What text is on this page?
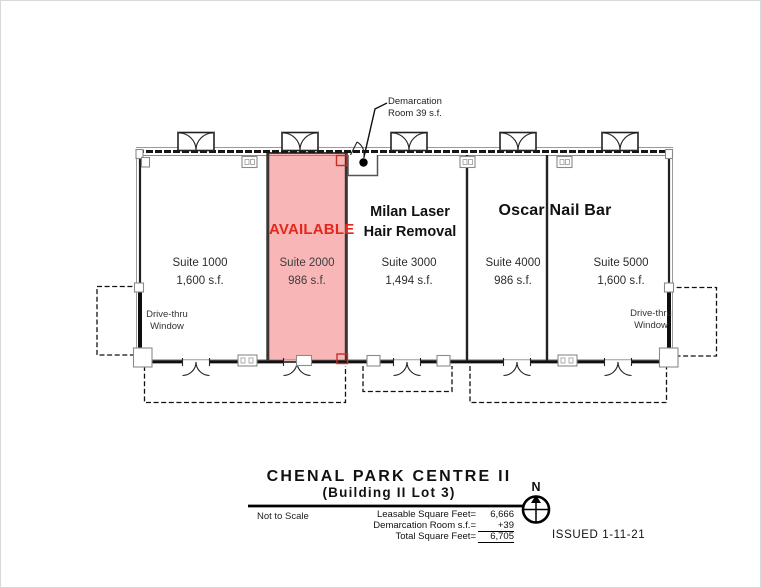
Demarcation
Room 39 s.f.
Milan Laser
Hair Removal
Oscar Nail Bar
AVAILABLE
Suite 1000
1,600 s.f.
Suite 2000
986 s.f.
Suite 3000
1,494 s.f.
Suite 4000
986 s.f.
Suite 5000
1,600 s.f.
Drive-thru
Window
Drive-thru
Window
CHENAL PARK CENTRE II
(Building II Lot 3)
Not to Scale	Leasable Square Feet= 6,666
Demarcation Room s.f.= +39
Total Square Feet= 6,705
N
ISSUED 1-11-21
